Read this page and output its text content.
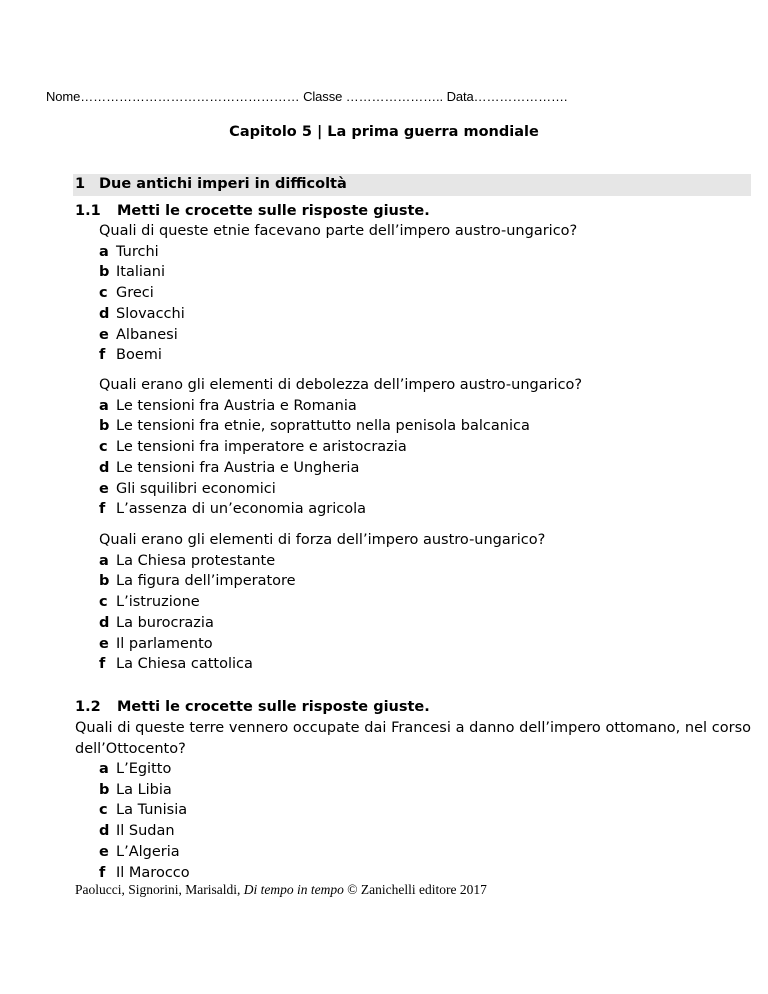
Nome…………………………………………… Classe ………………….. Data………………….
Capitolo 5 | La prima guerra mondiale
1 Due antichi imperi in difficoltà
1.1 Metti le crocette sulle risposte giuste.
Quali di queste etnie facevano parte dell’impero austro-ungarico?
a Turchi
b Italiani
c Greci
d Slovacchi
e Albanesi
f Boemi
Quali erano gli elementi di debolezza dell’impero austro-ungarico?
a Le tensioni fra Austria e Romania
b Le tensioni fra etnie, soprattutto nella penisola balcanica
c Le tensioni fra imperatore e aristocrazia
d Le tensioni fra Austria e Ungheria
e Gli squilibri economici
f L’assenza di un’economia agricola
Quali erano gli elementi di forza dell’impero austro-ungarico?
a La Chiesa protestante
b La figura dell’imperatore
c L’istruzione
d La burocrazia
e Il parlamento
f La Chiesa cattolica
1.2 Metti le crocette sulle risposte giuste.
Quali di queste terre vennero occupate dai Francesi a danno dell’impero ottomano, nel corso dell’Ottocento?
a L’Egitto
b La Libia
c La Tunisia
d Il Sudan
e L’Algeria
f Il Marocco
Paolucci, Signorini, Marisaldi, Di tempo in tempo © Zanichelli editore 2017
